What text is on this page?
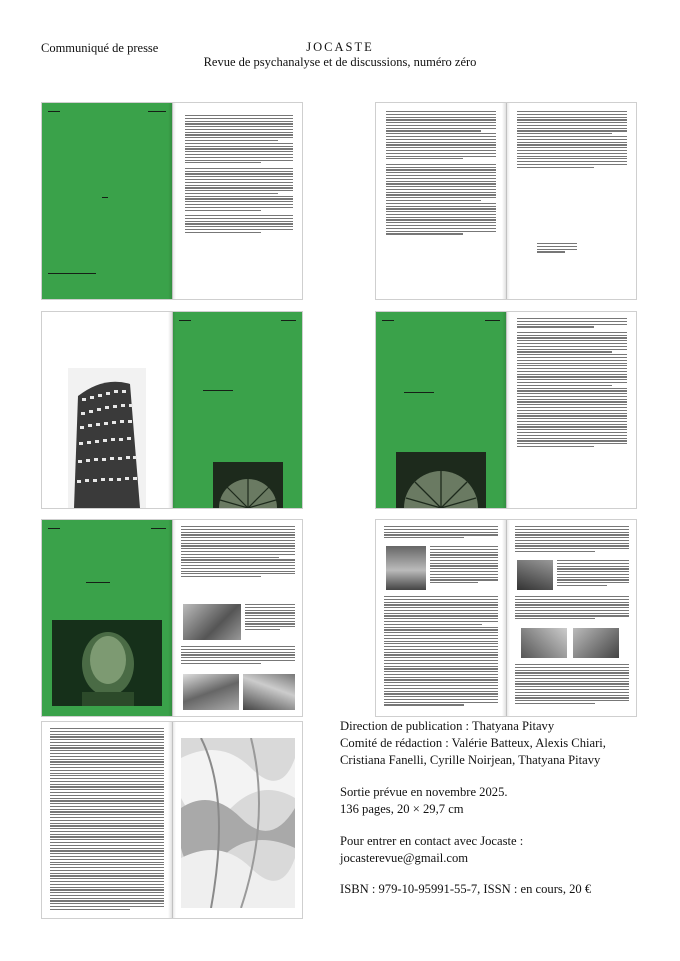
Communiqué de presse	JOCASTE
Revue de psychanalyse et de discussions, numéro zéro
▬▬▬▬	▬▬▬▬▬▬
▬▬
▬▬▬▬▬▬▬▬▬▬▬▬▬▬▬▬
▬▬▬▬	▬▬▬▬▬
▬▬▬▬▬▬▬▬▬▬
▬▬▬▬	▬▬▬▬▬
▬▬▬▬▬▬▬▬▬▬
▬▬▬▬	▬▬▬▬▬
▬▬▬▬▬▬▬▬
Direction de publication : Thatyana Pitavy
Comité de rédaction : Valérie Batteux, Alexis Chiari,
Cristiana Fanelli, Cyrille Noirjean, Thatyana Pitavy
Sortie prévue en novembre 2025.
136 pages, 20 × 29,7 cm
Pour entrer en contact avec Jocaste :
jocasterevue@gmail.com
ISBN : 979-10-95991-55-7, ISSN : en cours, 20 €
